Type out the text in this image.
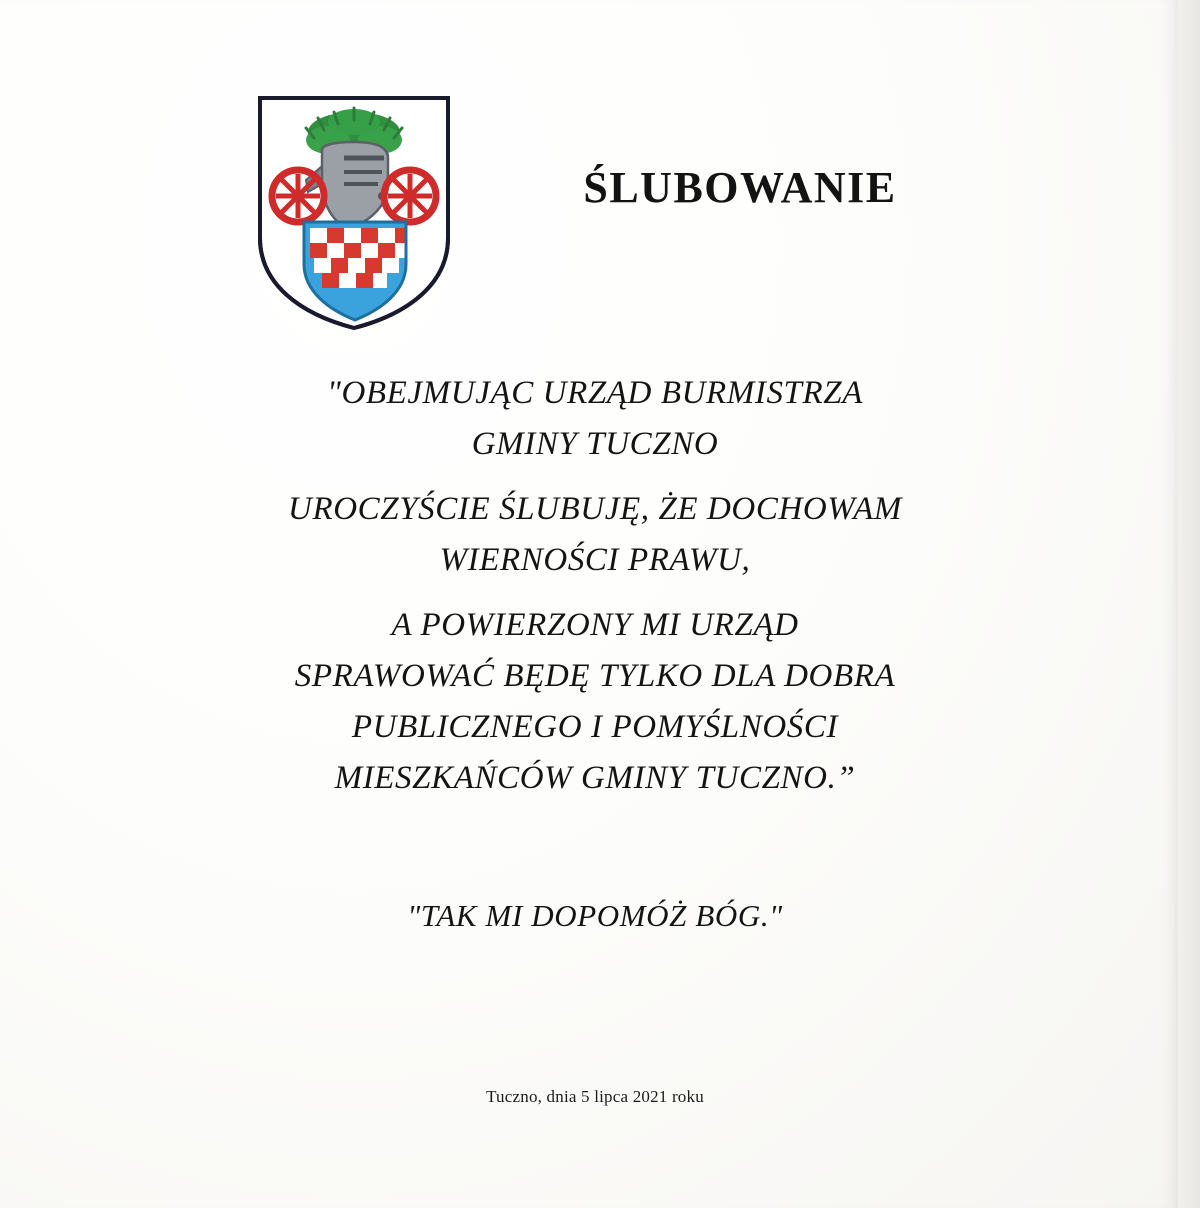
ŚLUBOWANIE
"OBEJMUJĄC URZĄD BURMISTRZA
GMINY TUCZNO
UROCZYŚCIE ŚLUBUJĘ, ŻE DOCHOWAM
WIERNOŚCI PRAWU,
A POWIERZONY MI URZĄD
SPRAWOWAĆ BĘDĘ TYLKO DLA DOBRA
PUBLICZNEGO I POMYŚLNOŚCI
MIESZKAŃCÓW GMINY TUCZNO.”
"TAK MI DOPOMÓŻ BÓG."
Tuczno, dnia 5 lipca 2021 roku
